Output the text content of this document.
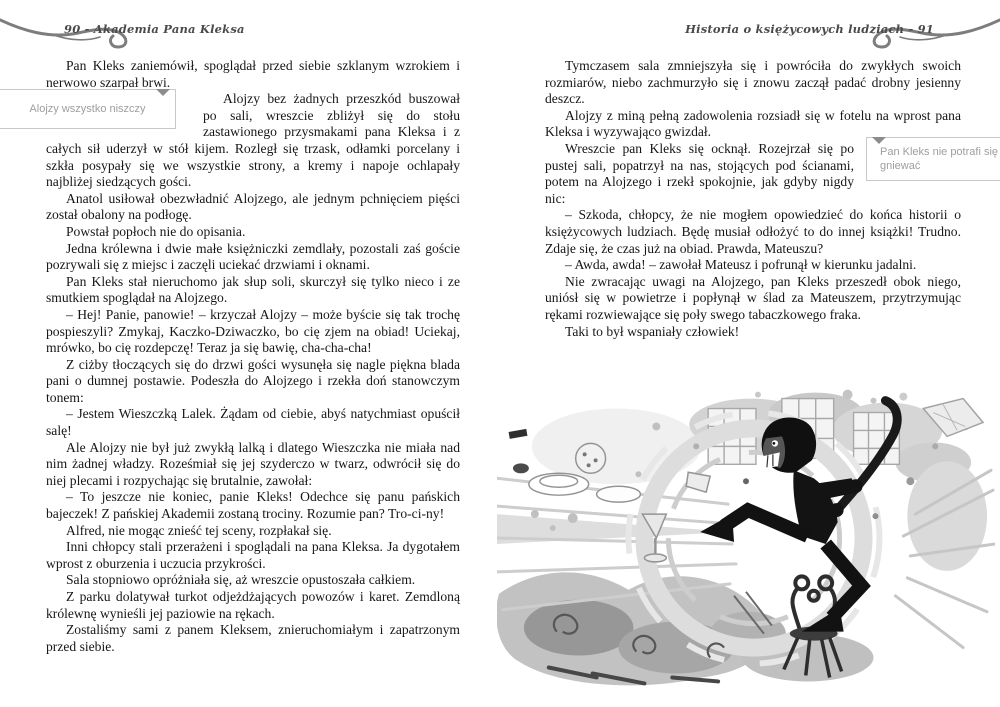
90 - Akademia Pana Kleksa	Historia o księżycowych ludziach - 91

Pan Kleks zaniemówił, spoglądał przed siebie szklanym wzrokiem i nerwowo szarpał brwi.

Alojzy wszystko niszczy

Alojzy bez żadnych przeszkód buszował po sali, wreszcie zbliżył się do stołu zastawionego przysmakami pana Kleksa i z całych sił uderzył w stół kijem. Rozległ się trzask, odłamki porcelany i szkła posypały się we wszystkie strony, a kremy i napoje ochlapały najbliżej siedzących gości.

Anatol usiłował obezwładnić Alojzego, ale jednym pchnięciem pięści został obalony na podłogę.

Powstał popłoch nie do opisania.

Jedna królewna i dwie małe księżniczki zemdlały, pozostali zaś goście pozrywali się z miejsc i zaczęli uciekać drzwiami i oknami.

Pan Kleks stał nieruchomo jak słup soli, skurczył się tylko nieco i ze smutkiem spoglądał na Alojzego.

– Hej! Panie, panowie! – krzyczał Alojzy – może byście się tak trochę pospieszyli? Zmykaj, Kaczko-Dziwaczko, bo cię zjem na obiad! Uciekaj, mrówko, bo cię rozdepczę! Teraz ja się bawię, cha-cha-cha!

Z ciżby tłoczących się do drzwi gości wysunęła się nagle piękna blada pani o dumnej postawie. Podeszła do Alojzego i rzekła doń stanowczym tonem:

– Jestem Wieszczką Lalek. Żądam od ciebie, abyś natychmiast opuścił salę!

Ale Alojzy nie był już zwykłą lalką i dlatego Wieszczka nie miała nad nim żadnej władzy. Roześmiał się jej szyderczo w twarz, odwrócił się do niej plecami i rozpychając się brutalnie, zawołał:

– To jeszcze nie koniec, panie Kleks! Odechce się panu pańskich bajeczek! Z pańskiej Akademii zostaną trociny. Rozumie pan? Tro-ci-ny!

Alfred, nie mogąc znieść tej sceny, rozpłakał się.

Inni chłopcy stali przerażeni i spoglądali na pana Kleksa. Ja dygotałem wprost z oburzenia i uczucia przykrości.

Sala stopniowo opróżniała się, aż wreszcie opustoszała całkiem.

Z parku dolatywał turkot odjeżdżających powozów i karet. Zemdloną królewnę wynieśli jej paziowie na rękach.

Zostaliśmy sami z panem Kleksem, znieruchomiałym i zapatrzonym przed siebie.

Tymczasem sala zmniejszyła się i powróciła do zwykłych swoich rozmiarów, niebo zachmurzyło się i znowu zaczął padać drobny jesienny deszcz.

Alojzy z miną pełną zadowolenia rozsiadł się w fotelu na wprost pana Kleksa i wyzywająco gwizdał.

Pan Kleks nie potrafi się gniewać

Wreszcie pan Kleks się ocknął. Rozejrzał się po pustej sali, popatrzył na nas, stojących pod ścianami, potem na Alojzego i rzekł spokojnie, jak gdyby nigdy nic:

– Szkoda, chłopcy, że nie mogłem opowiedzieć do końca historii o księżycowych ludziach. Będę musiał odłożyć to do innej książki! Trudno. Zdaje się, że czas już na obiad. Prawda, Mateuszu?

– Awda, awda! – zawołał Mateusz i pofrunął w kierunku jadalni.

Nie zwracając uwagi na Alojzego, pan Kleks przeszedł obok niego, uniósł się w powietrze i popłynął w ślad za Mateuszem, przytrzymując rękami rozwiewające się poły swego tabaczkowego fraka.

Taki to był wspaniały człowiek!
